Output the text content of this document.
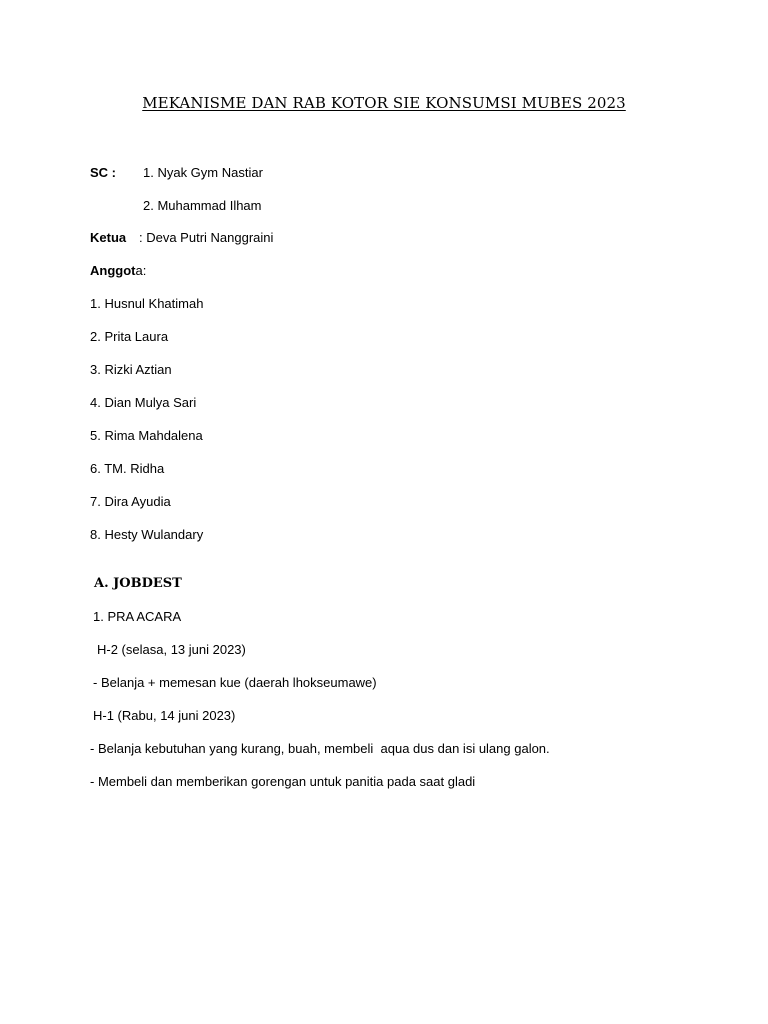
MEKANISME DAN RAB KOTOR SIE KONSUMSI MUBES 2023
SC : 1. Nyak Gym Nastiar
2. Muhammad Ilham
Ketua : Deva Putri Nanggraini
Anggota:
1. Husnul Khatimah
2. Prita Laura
3. Rizki Aztian
4. Dian Mulya Sari
5. Rima Mahdalena
6. TM. Ridha
7. Dira Ayudia
8. Hesty Wulandary
A. JOBDEST
1. PRA ACARA
H-2 (selasa, 13 juni 2023)
- Belanja + memesan kue (daerah lhokseumawe)
H-1 (Rabu, 14 juni 2023)
- Belanja kebutuhan yang kurang, buah, membeli  aqua dus dan isi ulang galon.
- Membeli dan memberikan gorengan untuk panitia pada saat gladi
